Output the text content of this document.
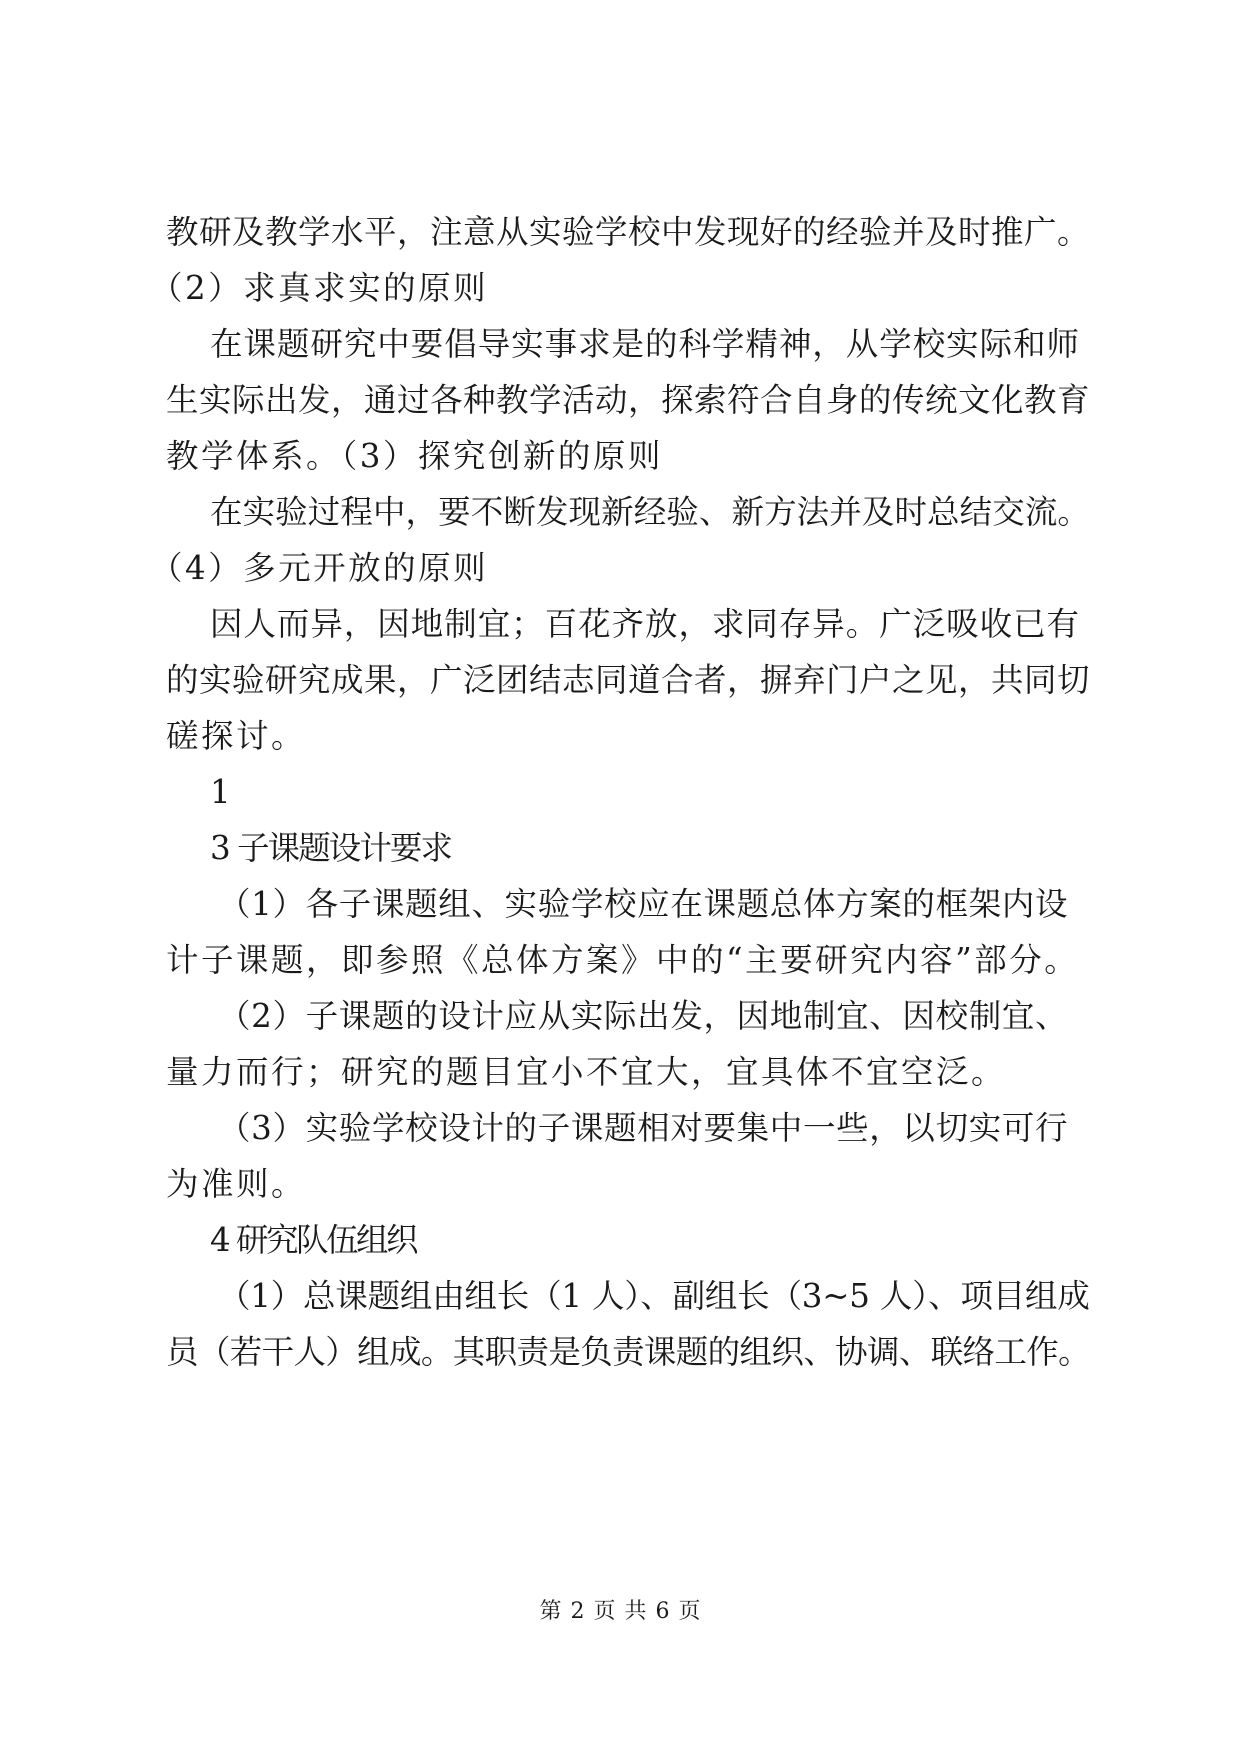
教研及教学水平，注意从实验学校中发现好的经验并及时推广。
（2）求真求实的原则
在课题研究中要倡导实事求是的科学精神，从学校实际和师
生实际出发，通过各种教学活动，探索符合自身的传统文化教育
教学体系。（3）探究创新的原则
在实验过程中，要不断发现新经验、新方法并及时总结交流。
（4）多元开放的原则
因人而异，因地制宜；百花齐放，求同存异。广泛吸收已有
的实验研究成果，广泛团结志同道合者，摒弃门户之见，共同切
磋探讨。
3 子课题设计要求
（1）各子课题组、实验学校应在课题总体方案的框架内设
计子课题，即参照《总体方案》中的“主要研究内容”部分。
（2）子课题的设计应从实际出发，因地制宜、因校制宜、
量力而行；研究的题目宜小不宜大，宜具体不宜空泛。
（3）实验学校设计的子课题相对要集中一些，以切实可行
为准则。
4 研究队伍组织
（1）总课题组由组长（1 人）、副组长（3~5 人）、项目组成
员（若干人）组成。其职责是负责课题的组织、协调、联络工作。
第 2 页 共 6 页
